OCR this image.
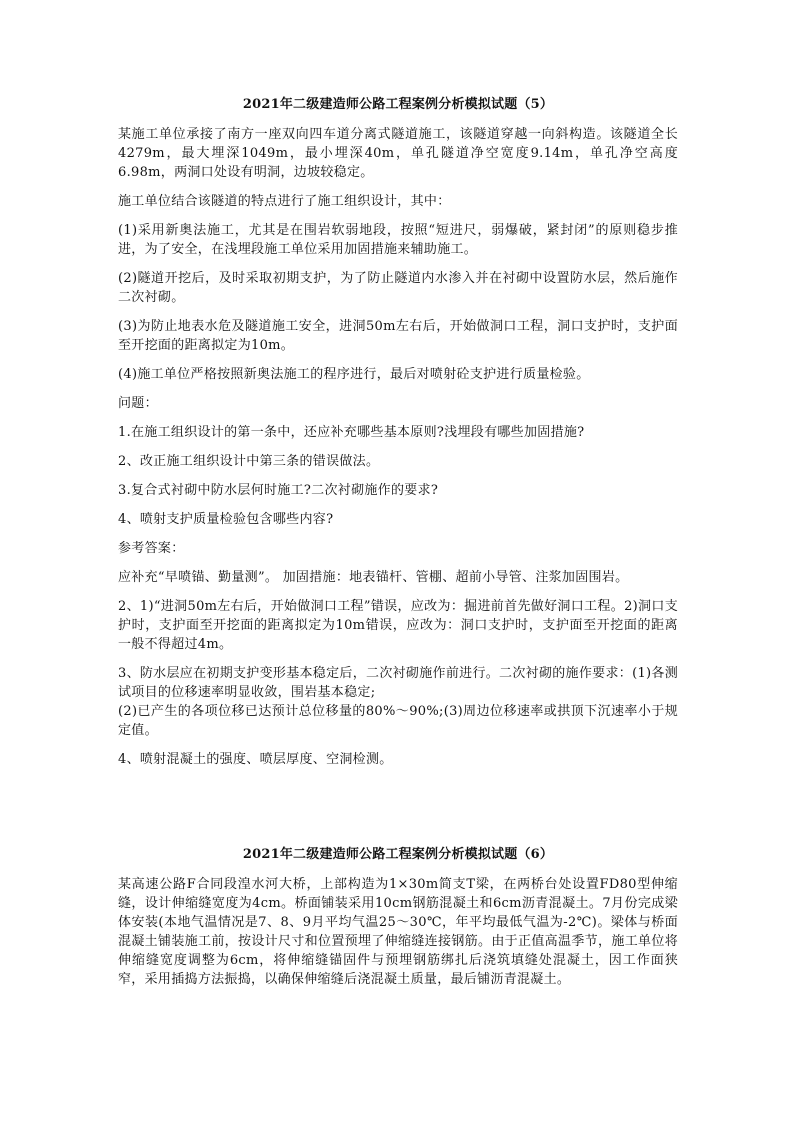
2021年二级建造师公路工程案例分析模拟试题（5）

某施工单位承接了南方一座双向四车道分离式隧道施工，该隧道穿越一向斜构造。该隧道全长4279m，最大埋深1049m，最小埋深40m，单孔隧道净空宽度9.14m，单孔净空高度6.98m，两洞口处设有明洞，边坡较稳定。

施工单位结合该隧道的特点进行了施工组织设计，其中：

(1)采用新奥法施工，尤其是在围岩软弱地段，按照“短进尺，弱爆破，紧封闭”的原则稳步推进，为了安全，在浅埋段施工单位采用加固措施来辅助施工。

(2)隧道开挖后，及时采取初期支护，为了防止隧道内水渗入并在衬砌中设置防水层，然后施作二次衬砌。

(3)为防止地表水危及隧道施工安全，进洞50m左右后，开始做洞口工程，洞口支护时，支护面至开挖面的距离拟定为10m。

(4)施工单位严格按照新奥法施工的程序进行，最后对喷射砼支护进行质量检验。

问题：

1.在施工组织设计的第一条中，还应补充哪些基本原则?浅埋段有哪些加固措施?

2、改正施工组织设计中第三条的错误做法。

3.复合式衬砌中防水层何时施工?二次衬砌施作的要求?

4、喷射支护质量检验包含哪些内容?

参考答案：

应补充“早喷锚、勤量测”。 加固措施：地表锚杆、管棚、超前小导管、注浆加固围岩。

2、1)“进洞50m左右后，开始做洞口工程”错误，应改为：掘进前首先做好洞口工程。2)洞口支护时，支护面至开挖面的距离拟定为10m错误，应改为：洞口支护时，支护面至开挖面的距离一般不得超过4m。

3、防水层应在初期支护变形基本稳定后，二次衬砌施作前进行。二次衬砌的施作要求：(1)各测试项目的位移速率明显收敛，围岩基本稳定;

(2)已产生的各项位移已达预计总位移量的80%～90%;(3)周边位移速率或拱顶下沉速率小于规定值。

4、喷射混凝土的强度、喷层厚度、空洞检测。

2021年二级建造师公路工程案例分析模拟试题（6）

某高速公路F合同段湟水河大桥，上部构造为1×30m简支T梁，在两桥台处设置FD80型伸缩缝，设计伸缩缝宽度为4cm。桥面铺装采用10cm钢筋混凝土和6cm沥青混凝土。7月份完成梁体安装(本地气温情况是7、8、9月平均气温25～30℃，年平均最低气温为-2℃)。梁体与桥面混凝土铺装施工前，按设计尺寸和位置预埋了伸缩缝连接钢筋。由于正值高温季节，施工单位将伸缩缝宽度调整为6cm，将伸缩缝锚固件与预埋钢筋绑扎后浇筑填缝处混凝土，因工作面狭窄，采用插捣方法振捣，以确保伸缩缝后浇混凝土质量，最后铺沥青混凝土。
